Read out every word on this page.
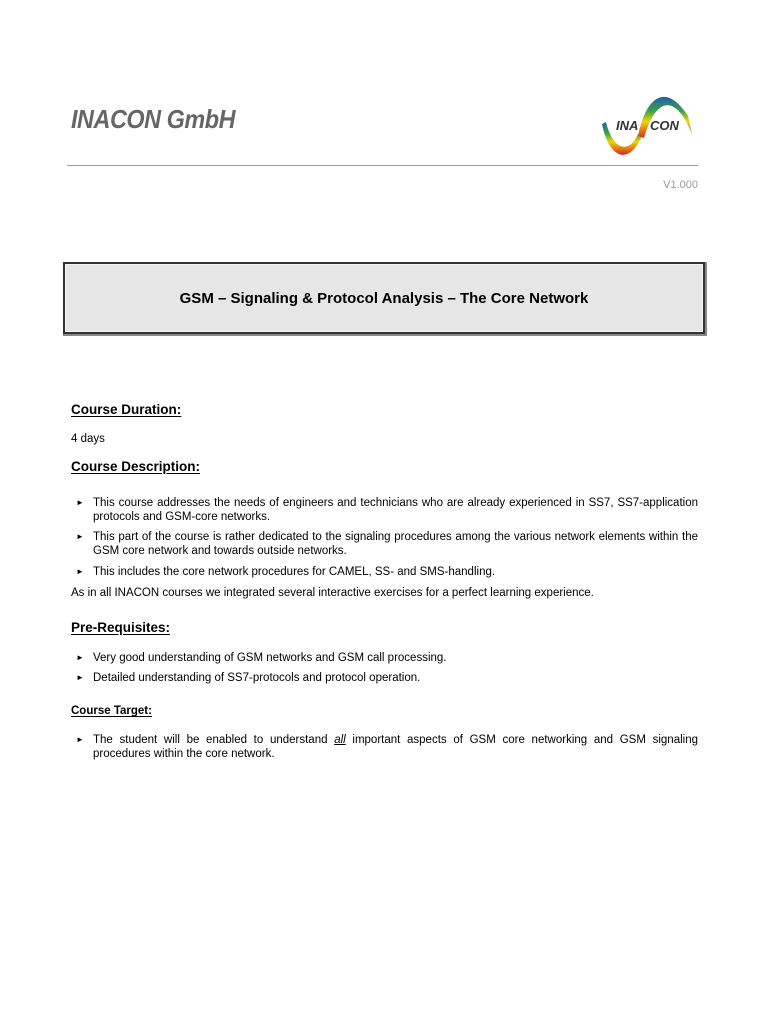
INACON GmbH	INA CON
V1.000
GSM – Signaling & Protocol Analysis – The Core Network
Course Duration:
4 days
Course Description:
► This course addresses the needs of engineers and technicians who are already experienced in SS7, SS7-application protocols and GSM-core networks.
► This part of the course is rather dedicated to the signaling procedures among the various network elements within the GSM core network and towards outside networks.
► This includes the core network procedures for CAMEL, SS- and SMS-handling.
As in all INACON courses we integrated several interactive exercises for a perfect learning experience.
Pre-Requisites:
► Very good understanding of GSM networks and GSM call processing.
► Detailed understanding of SS7-protocols and protocol operation.
Course Target:
► The student will be enabled to understand all important aspects of GSM core networking and GSM signaling procedures within the core network.
